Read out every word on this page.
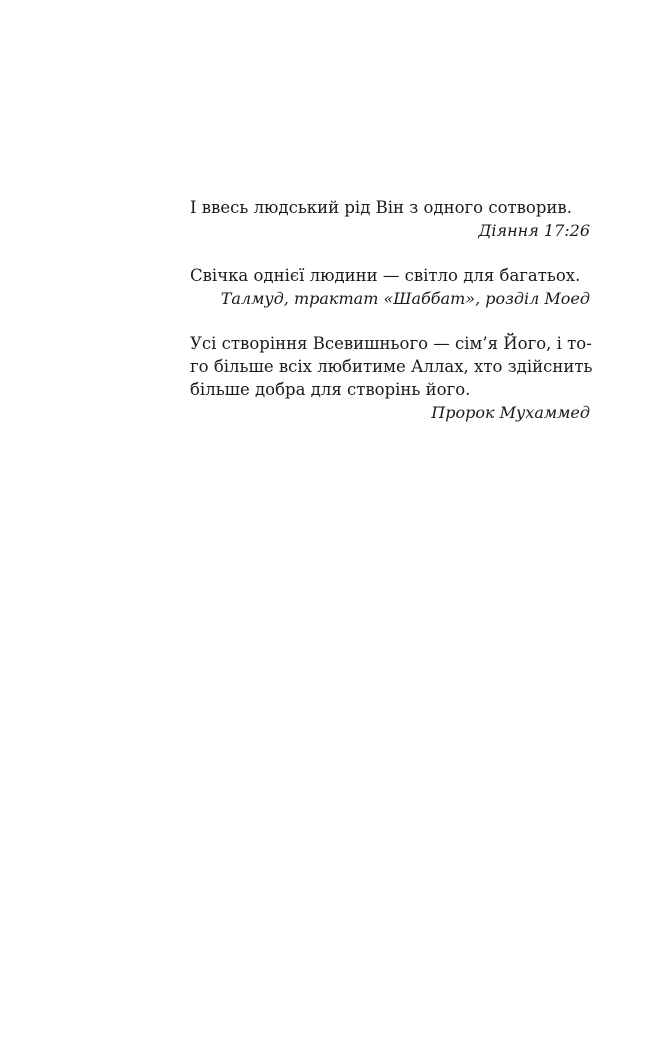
І ввесь людський рід Він з одного сотворив.

Діяння 17:26

Свічка однієї людини — світло для багатьох.

Талмуд, трактат «Шаббат», розділ Моед

Усі створіння Всевишнього — сім’я Його, і то-
го більше всіх любитиме Аллах, хто здійснить
більше добра для створінь його.

Пророк Мухаммед
